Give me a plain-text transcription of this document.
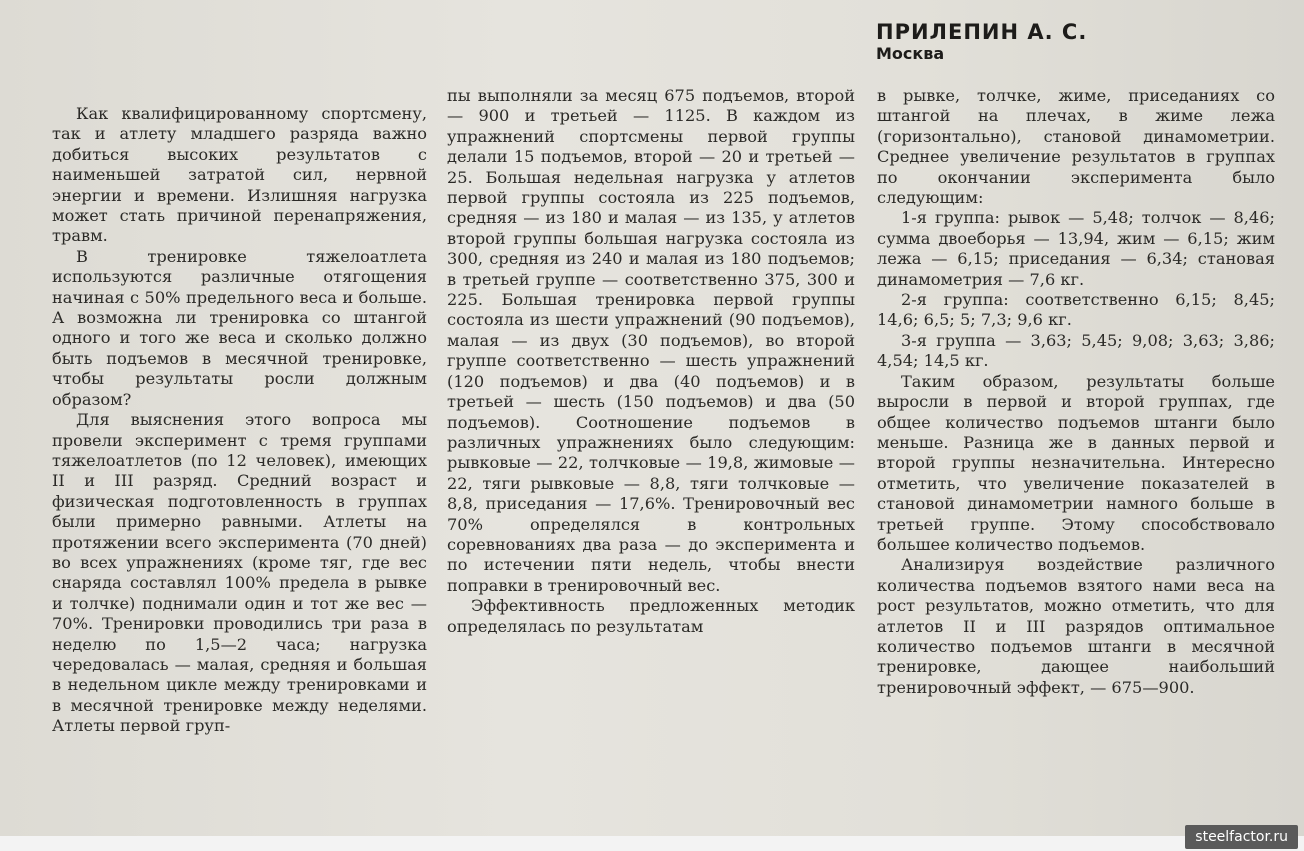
ПРИЛЕПИН А. С.
Москва

Как квалифицированному спортсмену, так и атлету младшего разряда важно добиться высоких результатов с наименьшей затратой сил, нервной энергии и времени. Излишняя нагрузка может стать причиной перенапряжения, травм.

В тренировке тяжелоатлета используются различные отягощения начиная с 50% предельного веса и больше. А возможна ли тренировка со штангой одного и того же веса и сколько должно быть подъемов в месячной тренировке, чтобы результаты росли должным образом?

Для выяснения этого вопроса мы провели эксперимент с тремя группами тяжелоатлетов (по 12 человек), имеющих II и III разряд. Средний возраст и физическая подготовленность в группах были примерно равными. Атлеты на протяжении всего эксперимента (70 дней) во всех упражнениях (кроме тяг, где вес снаряда составлял 100% предела в рывке и толчке) поднимали один и тот же вес — 70%. Тренировки проводились три раза в неделю по 1,5—2 часа; нагрузка чередовалась — малая, средняя и большая в недельном цикле между тренировками и в месячной тренировке между неделями. Атлеты первой груп-

пы выполняли за месяц 675 подъемов, второй — 900 и третьей — 1125. В каждом из упражнений спортсмены первой группы делали 15 подъемов, второй — 20 и третьей — 25. Большая недельная нагрузка у атлетов первой группы состояла из 225 подъемов, средняя — из 180 и малая — из 135, у атлетов второй группы большая нагрузка состояла из 300, средняя из 240 и малая из 180 подъемов; в третьей группе — соответственно 375, 300 и 225. Большая тренировка первой группы состояла из шести упражнений (90 подъемов), малая — из двух (30 подъемов), во второй группе соответственно — шесть упражнений (120 подъемов) и два (40 подъемов) и в третьей — шесть (150 подъемов) и два (50 подъемов). Соотношение подъемов в различных упражнениях было следующим: рывковые — 22, толчковые — 19,8, жимовые — 22, тяги рывковые — 8,8, тяги толчковые — 8,8, приседания — 17,6%. Тренировочный вес 70% определялся в контрольных соревнованиях два раза — до эксперимента и по истечении пяти недель, чтобы внести поправки в тренировочный вес.

Эффективность предложенных методик определялась по результатам

в рывке, толчке, жиме, приседаниях со штангой на плечах, в жиме лежа (горизонтально), становой динамометрии. Среднее увеличение результатов в группах по окончании эксперимента было следующим:

1-я группа: рывок — 5,48; толчок — 8,46; сумма двоеборья — 13,94, жим — 6,15; жим лежа — 6,15; приседания — 6,34; становая динамометрия — 7,6 кг.

2-я группа: соответственно 6,15; 8,45; 14,6; 6,5; 5; 7,3; 9,6 кг.

3-я группа — 3,63; 5,45; 9,08; 3,63; 3,86; 4,54; 14,5 кг.

Таким образом, результаты больше выросли в первой и второй группах, где общее количество подъемов штанги было меньше. Разница же в данных первой и второй группы незначительна. Интересно отметить, что увеличение показателей в становой динамометрии намного больше в третьей группе. Этому способствовало большее количество подъемов.

Анализируя воздействие различного количества подъемов взятого нами веса на рост результатов, можно отметить, что для атлетов II и III разрядов оптимальное количество подъемов штанги в месячной тренировке, дающее наибольший тренировочный эффект, — 675—900.

steelfactor.ru
